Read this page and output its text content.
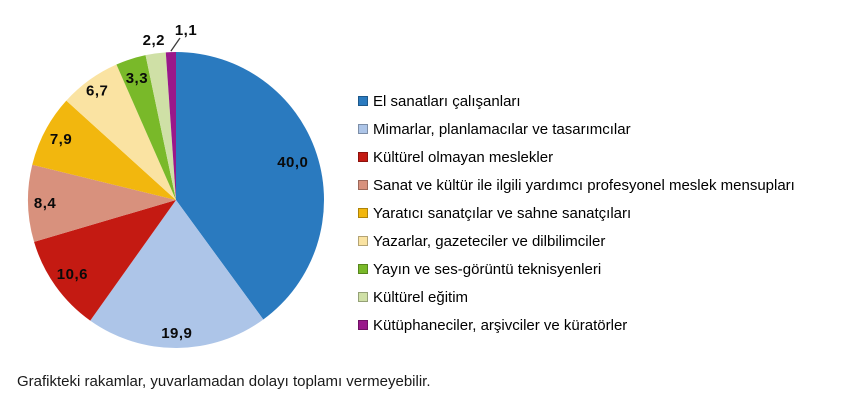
40,0
19,9
10,6
8,4
7,9
6,7
3,3
2,2
1,1
El sanatları çalışanları
Mimarlar, planlamacılar ve tasarımcılar
Kültürel olmayan meslekler
Sanat ve kültür ile ilgili yardımcı profesyonel meslek mensupları
Yaratıcı sanatçılar ve sahne sanatçıları
Yazarlar, gazeteciler ve dilbilimciler
Yayın ve ses-görüntü teknisyenleri
Kültürel eğitim
Kütüphaneciler, arşivciler ve küratörler
Grafikteki rakamlar, yuvarlamadan dolayı toplamı vermeyebilir.
